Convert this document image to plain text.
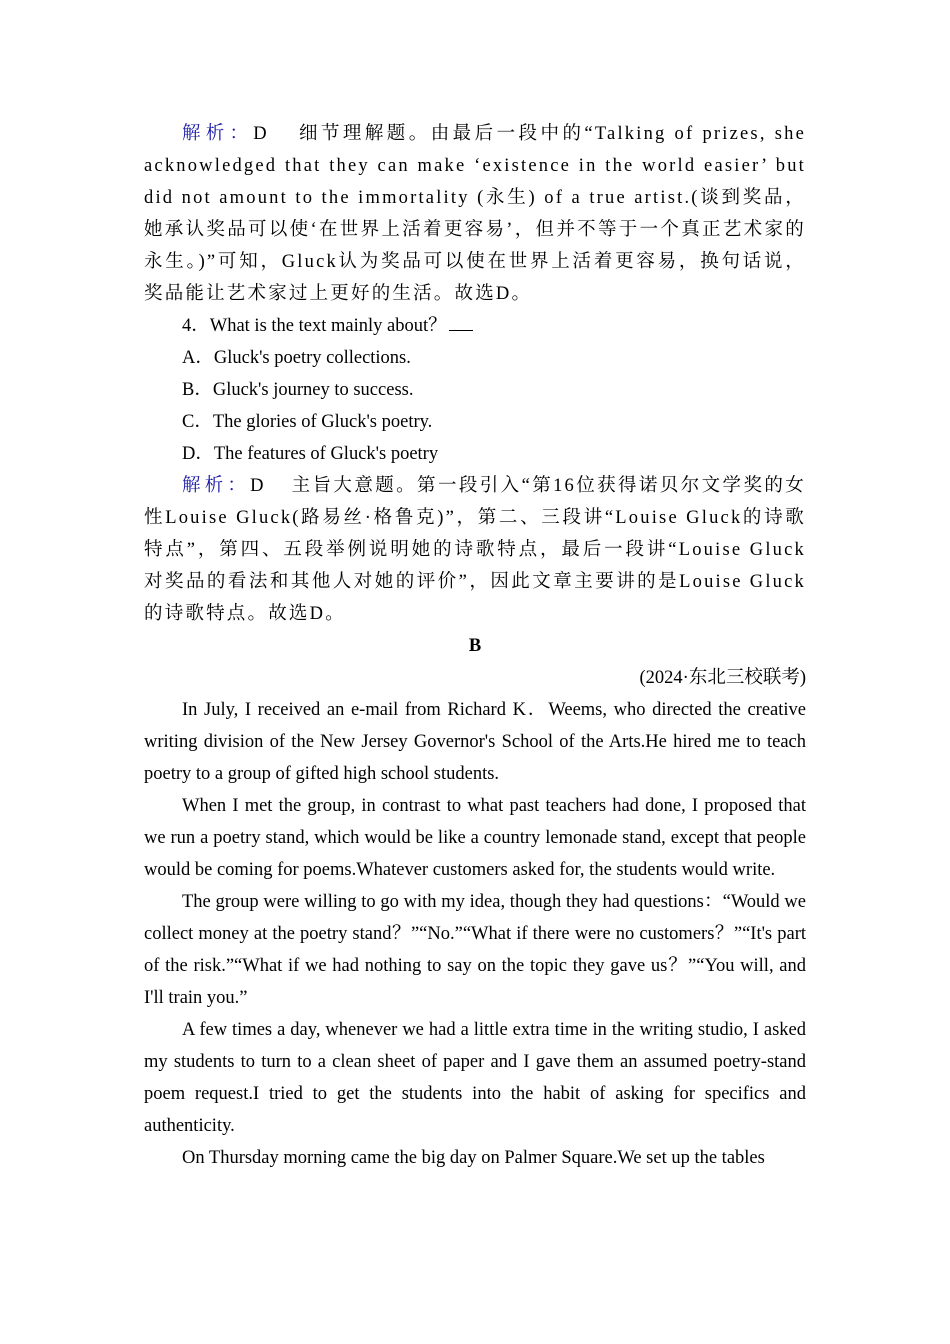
解析：D 细节理解题。由最后一段中的“Talking of prizes, she acknowledged that they can make ‘existence in the world easier’ but did not amount to the immortality (永生) of a true artist.(谈到奖品，她承认奖品可以使‘在世界上活着更容易’，但并不等于一个真正艺术家的永生。)”可知，Gluck认为奖品可以使在世界上活着更容易，换句话说，奖品能让艺术家过上更好的生活。故选D。

4．What is the text mainly about？

A．Gluck's poetry collections.

B．Gluck's journey to success.

C．The glories of Gluck's poetry.

D．The features of Gluck's poetry

解析：D 主旨大意题。第一段引入“第16位获得诺贝尔文学奖的女性Louise Gluck(路易丝·格鲁克)”，第二、三段讲“Louise Gluck的诗歌特点”，第四、五段举例说明她的诗歌特点，最后一段讲“Louise Gluck对奖品的看法和其他人对她的评价”，因此文章主要讲的是Louise Gluck的诗歌特点。故选D。

B

(2024·东北三校联考)

In July, I received an e-mail from Richard K．Weems, who directed the creative writing division of the New Jersey Governor's School of the Arts.He hired me to teach poetry to a group of gifted high school students.

When I met the group, in contrast to what past teachers had done, I proposed that we run a poetry stand, which would be like a country lemonade stand, except that people would be coming for poems.Whatever customers asked for, the students would write.

The group were willing to go with my idea, though they had questions：“Would we collect money at the poetry stand？”“No.”“What if there were no customers？”“It's part of the risk.”“What if we had nothing to say on the topic they gave us？”“You will, and I'll train you.”

A few times a day, whenever we had a little extra time in the writing studio, I asked my students to turn to a clean sheet of paper and I gave them an assumed poetry-stand poem request.I tried to get the students into the habit of asking for specifics and authenticity.

On Thursday morning came the big day on Palmer Square.We set up the tables
